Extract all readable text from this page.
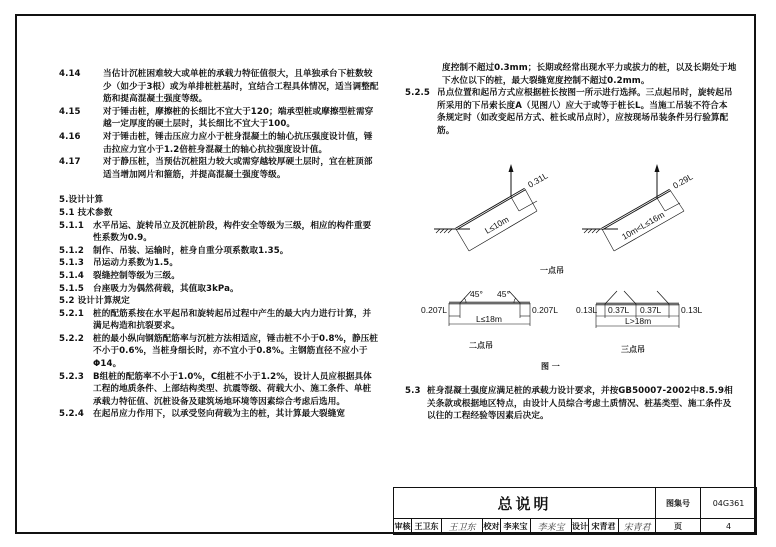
4.14	当估计沉桩困难较大或单桩的承载力特征值很大，且单独承台下桩数较少（如少于3根）或为单排桩桩基时，宜结合工程具体情况，适当调整配筋和提高混凝土强度等级。
4.15	对于锤击桩，摩擦桩的长细比不宜大于120；端承型桩或摩擦型桩需穿越一定厚度的硬土层时，其长细比不宜大于100。
4.16	对于锤击桩，锤击压应力应小于桩身混凝土的轴心抗压强度设计值，锤击拉应力宜小于1.2倍桩身混凝土的轴心抗拉强度设计值。
4.17	对于静压桩，当预估沉桩阻力较大或需穿越较厚硬土层时，宜在桩顶部适当增加网片和箍筋，并提高混凝土强度等级。
5.设计计算
5.1 技术参数
5.1.1 水平吊运、旋转吊立及沉桩阶段，构件安全等级为三级，相应的构件重要性系数为0.9。
5.1.2 制作、吊装、运输时，桩身自重分项系数取1.35。
5.1.3 吊运动力系数为1.5。
5.1.4 裂缝控制等级为三级。
5.1.5 台座吸力为偶然荷载，其值取3kPa。
5.2 设计计算规定
5.2.1 桩的配筋系按在水平起吊和旋转起吊过程中产生的最大内力进行计算，并满足构造和抗裂要求。
5.2.2 桩的最小纵向钢筋配筋率与沉桩方法相适应，锤击桩不小于0.8%，静压桩不小于0.6%，当桩身细长时，亦不宜小于0.8%。主钢筋直径不应小于Φ14。
5.2.3 B组桩的配筋率不小于1.0%，C组桩不小于1.2%，设计人员应根据具体工程的地质条件、上部结构类型、抗震等级、荷载大小、施工条件、单桩承载力特征值、沉桩设备及建筑场地环境等因素综合考虑后选用。
5.2.4 在起吊应力作用下，以承受竖向荷载为主的桩，其计算最大裂缝宽
度控制不超过0.3mm；长期或经常出现水平力或拔力的桩，以及长期处于地下水位以下的桩，最大裂缝宽度控制不超过0.2mm。
5.2.5 吊点位置和起吊方式应根据桩长按图一所示进行选择。三点起吊时，旋转起吊所采用的下吊索长度A（见图八）应大于或等于桩长L。当施工吊装不符合本条规定时（如改变起吊方式、桩长或吊点时），应按现场吊装条件另行验算配筋。
5.3 桩身混凝土强度应满足桩的承载力设计要求，并按GB50007-2002中8.5.9相关条款或根据地区特点，由设计人员综合考虑土质情况、桩基类型、施工条件及以往的工程经验等因素后决定。
L≤10m
0.31L
10m<L≤16m
0.29L
一点吊
45° 45°
0.207L	0.207L
L≤18m
二点吊
0.13L 0.37L 0.37L 0.13L
L>18m
三点吊
图 一
总说明									图集号	04G361
审核	王卫东	王卫东	校对	李来宝	李来宝	设计	宋青君	宋青君	页	4
